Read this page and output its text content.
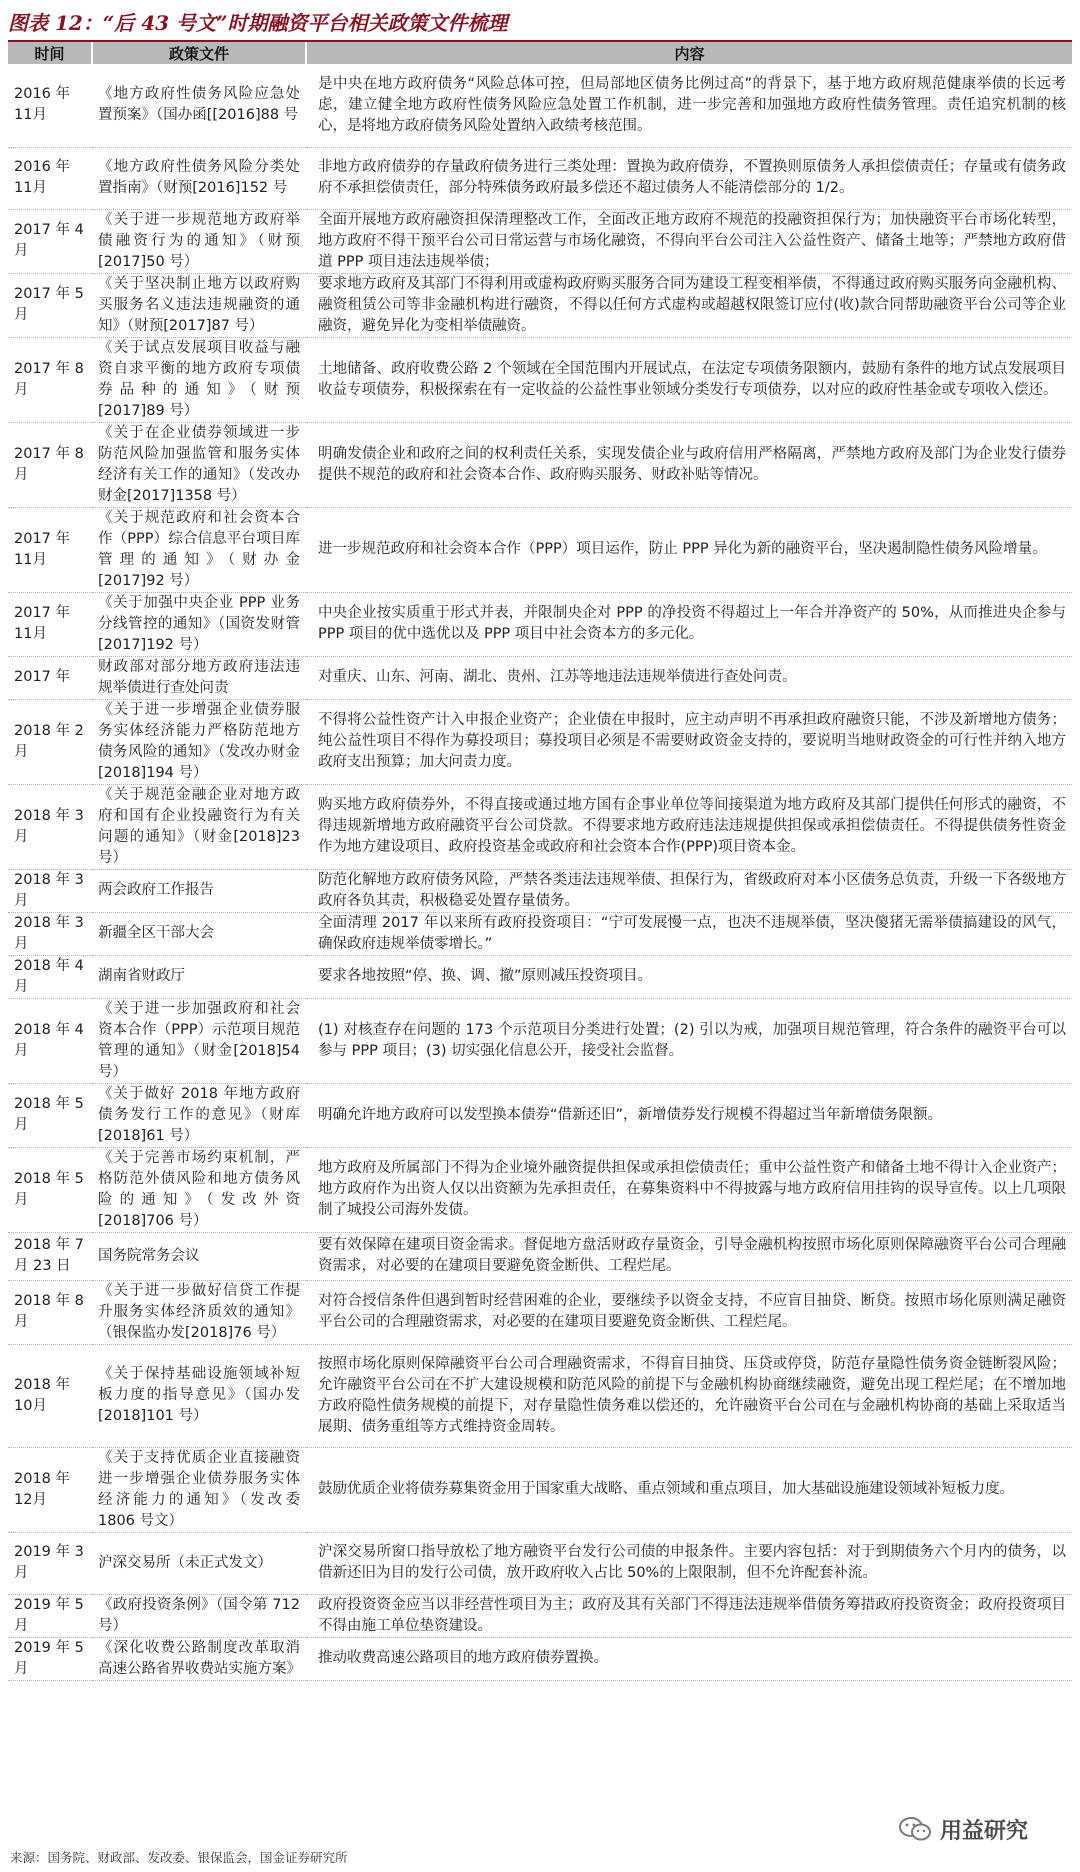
图表 12：“后 43 号文”时期融资平台相关政策文件梳理
时间	政策文件	内容
2016 年 11月	《地方政府性债务风险应急处置预案》（国办函[[2016]88 号	是中央在地方政府债务“风险总体可控，但局部地区债务比例过高”的背景下，基于地方政府规范健康举债的长远考虑，建立健全地方政府性债务风险应急处置工作机制，进一步完善和加强地方政府性债务管理。责任追究机制的核心，是将地方政府债务风险处置纳入政绩考核范围。
2016 年 11月	《地方政府性债务风险分类处置指南》（财预[2016]152 号	非地方政府债券的存量政府债务进行三类处理：置换为政府债券，不置换则原债务人承担偿债责任；存量或有债务政府不承担偿债责任，部分特殊债务政府最多偿还不超过债务人不能清偿部分的 1/2。
2017 年 4月	《关于进一步规范地方政府举债融资行为的通知》（财预[2017]50 号）	全面开展地方政府融资担保清理整改工作，全面改正地方政府不规范的投融资担保行为；加快融资平台市场化转型，地方政府不得干预平台公司日常运营与市场化融资，不得向平台公司注入公益性资产、储备土地等；严禁地方政府借道 PPP 项目违法违规举债；
2017 年 5月	《关于坚决制止地方以政府购买服务名义违法违规融资的通知》（财预[2017]87 号）	要求地方政府及其部门不得利用或虚构政府购买服务合同为建设工程变相举债，不得通过政府购买服务向金融机构、融资租赁公司等非金融机构进行融资，不得以任何方式虚构或超越权限签订应付(收)款合同帮助融资平台公司等企业融资，避免异化为变相举债融资。
2017 年 8月	《关于试点发展项目收益与融资自求平衡的地方政府专项债券品种的通知》（财预[2017]89 号）	土地储备、政府收费公路 2 个领域在全国范围内开展试点，在法定专项债务限额内，鼓励有条件的地方试点发展项目收益专项债券，积极探索在有一定收益的公益性事业领域分类发行专项债券，以对应的政府性基金或专项收入偿还。
2017 年 8月	《关于在企业债券领域进一步防范风险加强监管和服务实体经济有关工作的通知》（发改办财金[2017]1358 号）	明确发债企业和政府之间的权利责任关系，实现发债企业与政府信用严格隔离，严禁地方政府及部门为企业发行债券提供不规范的政府和社会资本合作、政府购买服务、财政补贴等情况。
2017 年 11月	《关于规范政府和社会资本合作（PPP）综合信息平台项目库管理的通知》（财办金[2017]92 号）	进一步规范政府和社会资本合作（PPP）项目运作，防止 PPP 异化为新的融资平台，坚决遏制隐性债务风险增量。
2017 年 11月	《关于加强中央企业 PPP 业务分线管控的通知》（国资发财管[2017]192 号）	中央企业按实质重于形式并表，并限制央企对 PPP 的净投资不得超过上一年合并净资产的 50%，从而推进央企参与 PPP 项目的优中选优以及 PPP 项目中社会资本方的多元化。
2017 年	财政部对部分地方政府违法违规举债进行查处问责	对重庆、山东、河南、湖北、贵州、江苏等地违法违规举债进行查处问责。
2018 年 2月	《关于进一步增强企业债券服务实体经济能力严格防范地方债务风险的通知》（发改办财金[2018]194 号）	不得将公益性资产计入申报企业资产；企业债在申报时，应主动声明不再承担政府融资只能，不涉及新增地方债务；纯公益性项目不得作为募投项目；募投项目必须是不需要财政资金支持的，要说明当地财政资金的可行性并纳入地方政府支出预算；加大问责力度。
2018 年 3月	《关于规范金融企业对地方政府和国有企业投融资行为有关问题的通知》（财金[2018]23 号）	购买地方政府债券外，不得直接或通过地方国有企事业单位等间接渠道为地方政府及其部门提供任何形式的融资，不得违规新增地方政府融资平台公司贷款。不得要求地方政府违法违规提供担保或承担偿债责任。不得提供债务性资金作为地方建设项目、政府投资基金或政府和社会资本合作(PPP)项目资本金。
2018 年 3月	两会政府工作报告	防范化解地方政府债务风险，严禁各类违法违规举债、担保行为，省级政府对本小区债务总负责，升级一下各级地方政府各负其责，积极稳妥处置存量债务。
2018 年 3月	新疆全区干部大会	全面清理 2017 年以来所有政府投资项目：“宁可发展慢一点，也决不违规举债，坚决傻猪无需举债搞建设的风气，确保政府违规举债零增长。”
2018 年 4月	湖南省财政厅	要求各地按照“停、换、调、撤”原则减压投资项目。
2018 年 4月	《关于进一步加强政府和社会资本合作（PPP）示范项目规范管理的通知》（财金[2018]54 号）	(1) 对核查存在问题的 173 个示范项目分类进行处置；(2) 引以为戒，加强项目规范管理，符合条件的融资平台可以参与 PPP 项目；(3) 切实强化信息公开，接受社会监督。
2018 年 5月	《关于做好 2018 年地方政府债务发行工作的意见》（财库[2018]61 号）	明确允许地方政府可以发型换本债券“借新还旧”，新增债券发行规模不得超过当年新增债务限额。
2018 年 5月	《关于完善市场约束机制，严格防范外债风险和地方债务风险的通知》（发改外资[2018]706 号）	地方政府及所属部门不得为企业境外融资提供担保或承担偿债责任；重申公益性资产和储备土地不得计入企业资产；地方政府作为出资人仅以出资额为先承担责任，在募集资料中不得披露与地方政府信用挂钩的误导宣传。以上几项限制了城投公司海外发债。
2018 年 7 月 23 日	国务院常务会议	要有效保障在建项目资金需求。督促地方盘活财政存量资金，引导金融机构按照市场化原则保障融资平台公司合理融资需求，对必要的在建项目要避免资金断供、工程烂尾。
2018 年 8月	《关于进一步做好信贷工作提升服务实体经济质效的通知》（银保监办发[2018]76 号）	对符合授信条件但遇到暂时经营困难的企业，要继续予以资金支持，不应盲目抽贷、断贷。按照市场化原则满足融资平台公司的合理融资需求，对必要的在建项目要避免资金断供、工程烂尾。
2018 年 10月	《关于保持基础设施领域补短板力度的指导意见》（国办发[2018]101 号）	按照市场化原则保障融资平台公司合理融资需求，不得盲目抽贷、压贷或停贷，防范存量隐性债务资金链断裂风险；允许融资平台公司在不扩大建设规模和防范风险的前提下与金融机构协商继续融资，避免出现工程烂尾；在不增加地方政府隐性债务规模的前提下，对存量隐性债务难以偿还的，允许融资平台公司在与金融机构协商的基础上采取适当展期、债务重组等方式维持资金周转。
2018 年 12月	《关于支持优质企业直接融资进一步增强企业债券服务实体经济能力的通知》（发改委 1806 号文）	鼓励优质企业将债券募集资金用于国家重大战略、重点领域和重点项目，加大基础设施建设领域补短板力度。
2019 年 3月	沪深交易所（未正式发文）	沪深交易所窗口指导放松了地方融资平台发行公司债的申报条件。主要内容包括：对于到期债务六个月内的债务，以借新还旧为目的发行公司债，放开政府收入占比 50%的上限限制，但不允许配套补流。
2019 年 5月	《政府投资条例》（国令第 712 号）	政府投资资金应当以非经营性项目为主；政府及其有关部门不得违法违规举借债务筹措政府投资资金；政府投资项目不得由施工单位垫资建设。
2019 年 5月	《深化收费公路制度改革取消高速公路省界收费站实施方案》	推动收费高速公路项目的地方政府债券置换。
来源：国务院、财政部、发改委、银保监会，国金证券研究所
用益研究
